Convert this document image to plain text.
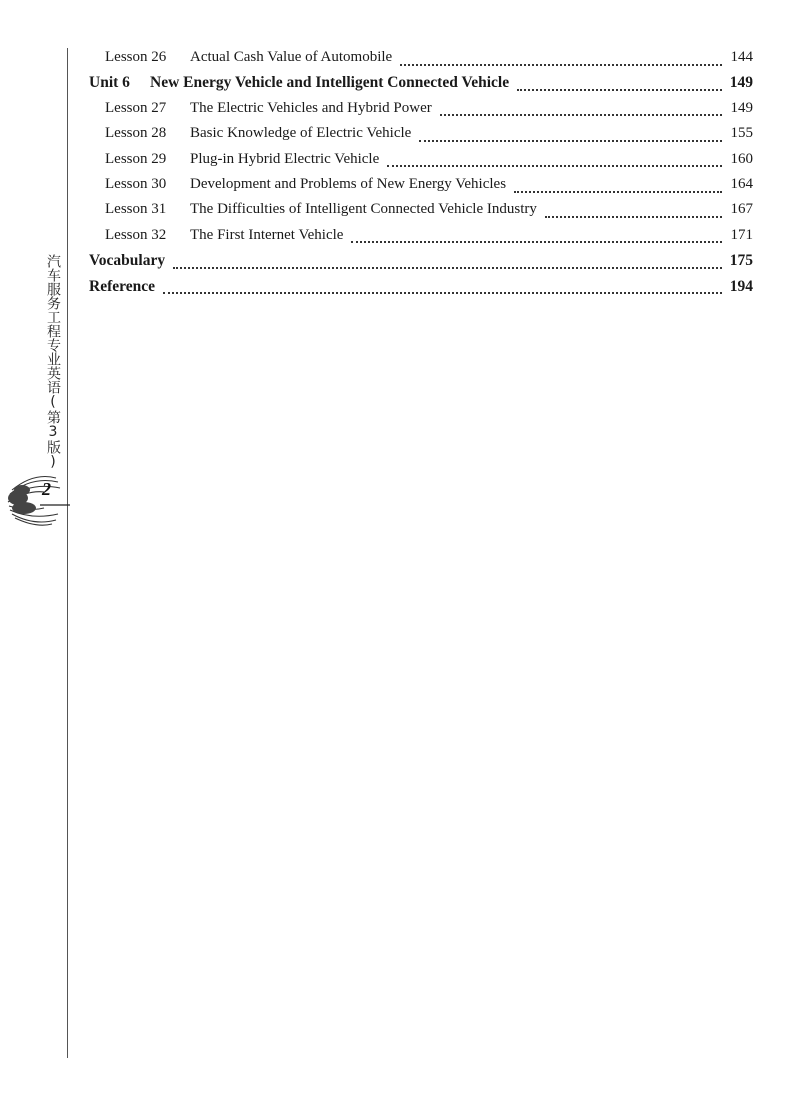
汽车服务工程专业英语(第3版)
2
Lesson 26	Actual Cash Value of Automobile	144
Unit 6	New Energy Vehicle and Intelligent Connected Vehicle	149
Lesson 27	The Electric Vehicles and Hybrid Power	149
Lesson 28	Basic Knowledge of Electric Vehicle	155
Lesson 29	Plug-in Hybrid Electric Vehicle	160
Lesson 30	Development and Problems of New Energy Vehicles	164
Lesson 31	The Difficulties of Intelligent Connected Vehicle Industry	167
Lesson 32	The First Internet Vehicle	171
Vocabulary	175
Reference	194
